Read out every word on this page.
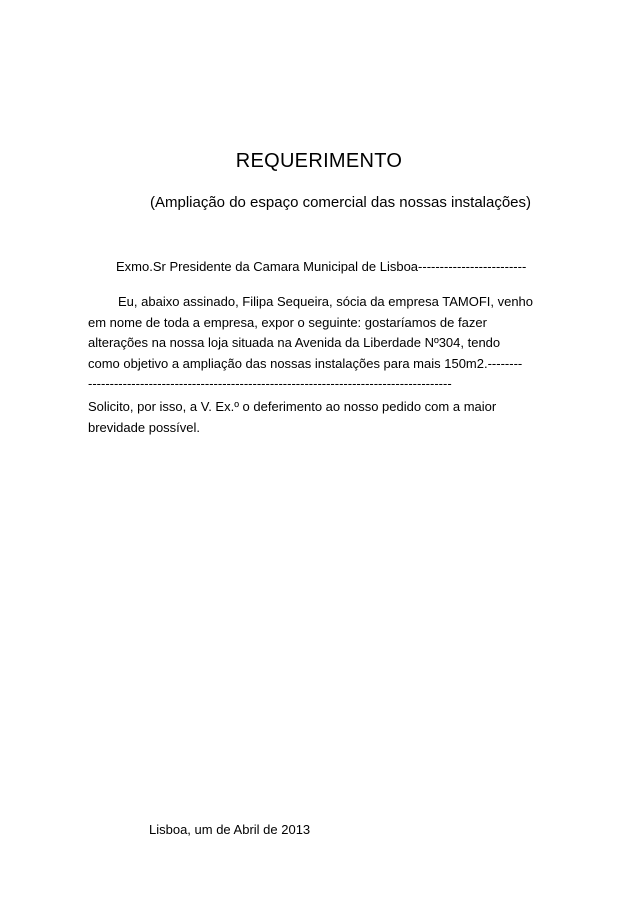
REQUERIMENTO
(Ampliação do espaço comercial das nossas instalações)
Exmo.Sr Presidente da Camara Municipal de Lisboa-------------------------
Eu, abaixo assinado, Filipa Sequeira, sócia da empresa TAMOFI, venho
em nome de toda a empresa, expor o seguinte: gostaríamos de fazer
alterações na nossa loja situada na Avenida da Liberdade Nº304, tendo
como objetivo a ampliação das nossas instalações para mais 150m2.--------
------------------------------------------------------------------------------------
Solicito, por isso, a V. Ex.º o deferimento ao nosso pedido com a maior
brevidade possível.
Lisboa, um de Abril de 2013
